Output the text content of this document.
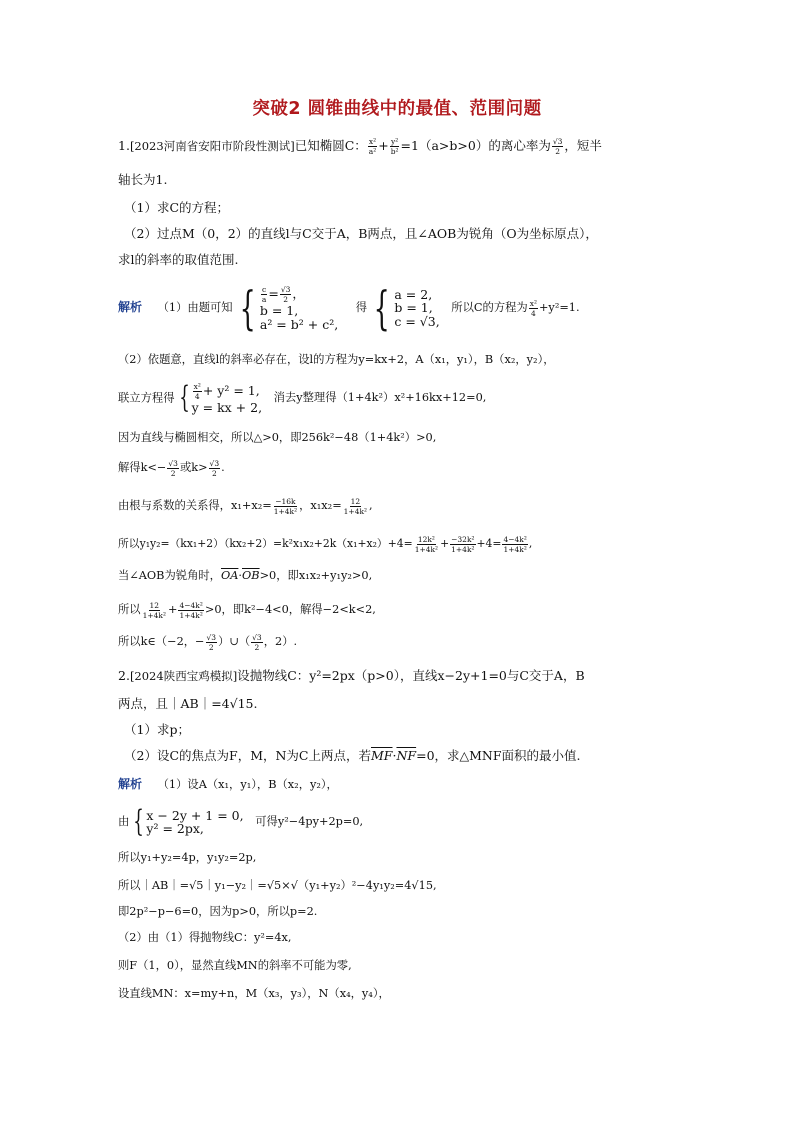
突破2 圆锥曲线中的最值、范围问题
1.[2023河南省安阳市阶段性测试]已知椭圆C： $\frac{\text{x²}}{\text{a²}} + \frac{\text{y²}}{\text{b²}} =1(a>b>0)$的离心率为 $\frac{√3}{2}$ ，短半
轴长为1.
（1）求C的方程；
（2）过点M（0，2）的直线l与C交于A，B两点，且∠AOB为锐角（O为坐标原点），
求l的斜率的取值范围.
解析 （1）由题可知 { $\frac{c}{a} = \frac{√3}{2}$ ，
b = 1,
a² = b² + c²,
得 { a = 2,
b = 1,
c = √3,
所以C的方程为 $\frac{\text{x²}}{4} +y^2=1$.
（2）依题意，直线l的斜率必存在，设l的方程为y=kx+2，A（x₁，y₁），B（x₂，y₂），
联立方程得 { $\frac{\text{x²}}{4} + y^2 = 1$,
y = kx + 2,
消去y整理得（1+4k²）x²+16kx+12=0,
因为直线与椭圆相交，所以△>0，即256k²−48（1+4k²）>0,
解得$k<- \frac{√3}{2}$ 或$k> \frac{√3}{2}$ .
由根与系数的关系得，$x_1+x_2= \frac{-16k}{\text{1+4k²}}$ ，$x_1x_2= \frac{12}{\text{1+4k²}}$ ,
所以$y_1y_2=(kx_1+2)(kx_2+2)=k^2x_1x_2+2k(x_1+x_2)+4= \frac{\text{12k²}}{\text{1+4k²}} + \frac{\text{−32k²}}{\text{1+4k²}} +4= \frac{\text{4−4k²}}{\text{1+4k²}}$ ,
当∠AOB为锐角时，$\overline{OA}\cdot\overline{OB}>0$，即x₁x₂+y₁y₂>0,
所以 $\frac{12}{\text{1+4k²}} + \frac{\text{4−4k²}}{\text{1+4k²}} >0$，即k²−4<0，解得−2<k<2,
所以k∈（−2，− $\frac{√3}{2}$ ）∪（ $\frac{√3}{2}$ ，2）.
2.[2024陕西宝鸡模拟]设抛物线C：y²=2px（p>0），直线x−2y+1=0与C交于A，B
两点，且｜AB｜=4√15.
（1）求p；
（2）设C的焦点为F，M，N为C上两点，若$\overline{MF}\cdot\overline{NF}=0$，求△MNF面积的最小值.
解析 （1）设A（x₁，y₁），B（x₂，y₂），
由 { x − 2y + 1 = 0,
y² = 2px,	可得y²−4py+2p=0,
所以y₁+y₂=4p，y₁y₂=2p,
所以｜AB｜=√5｜y₁−y₂｜=√5×√（y₁+y₂）²−4y₁y₂=4√15,
即2p²−p−6=0，因为p>0，所以p=2.
（2）由（1）得抛物线C：y²=4x,
则F（1，0），显然直线MN的斜率不可能为零,
设直线MN：x=my+n，M（x₃，y₃），N（x₄，y₄），
